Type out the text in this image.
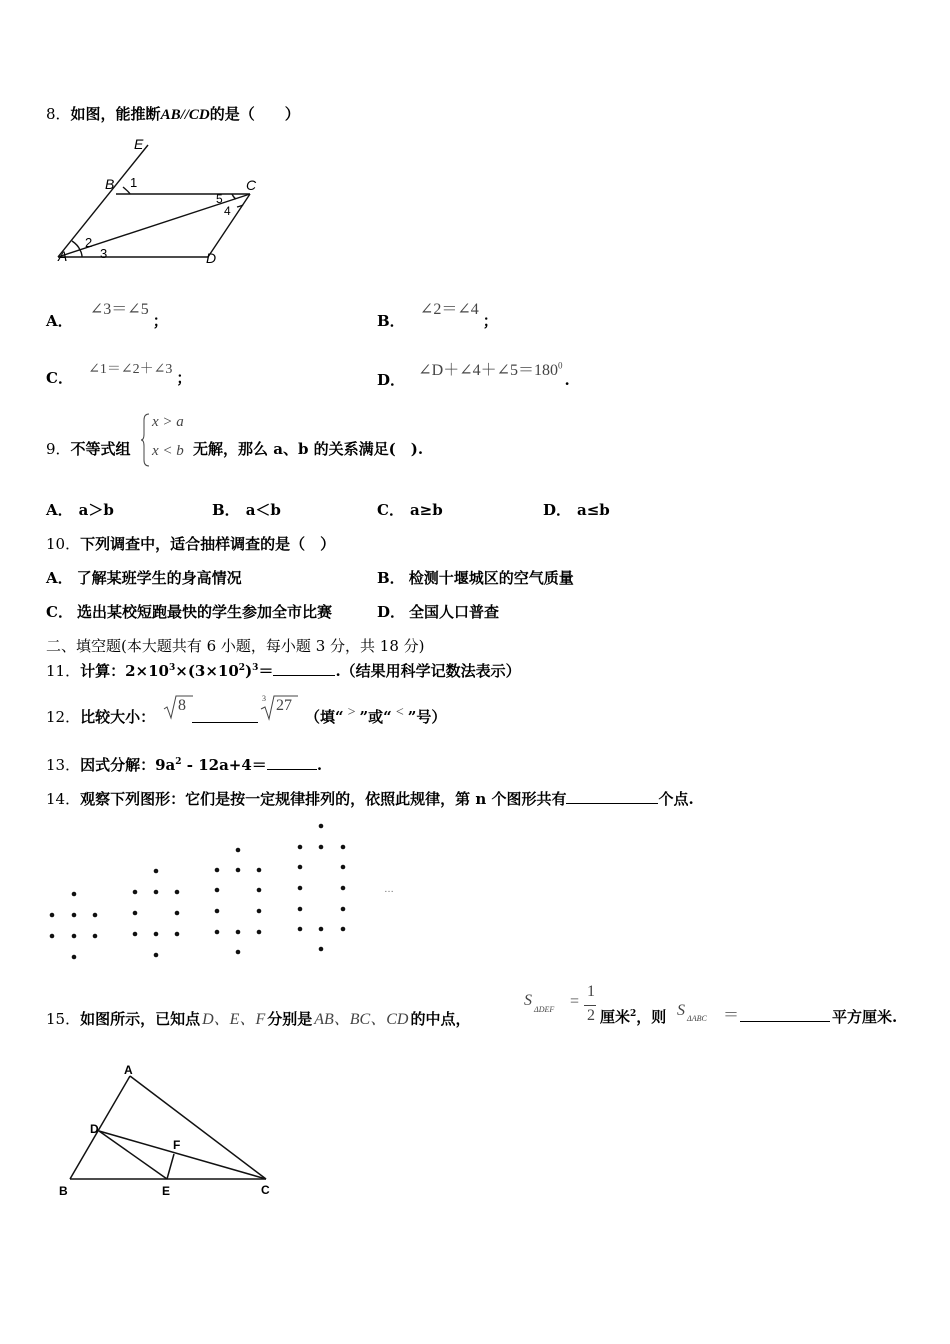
8．如图，能推断AB//CD的是（　　）
E
B 1	C
5
4
A
2
3	D
A． ∠3＝∠5；	B． ∠2＝∠4；
C． ∠1＝∠2＋∠3 ；	D． $\angle D+\angle 4+\angle 5=180^0$.
9．不等式组
x > a
x < b 无解，那么 a、b 的关系满足(　).
A． a＞b	B． a＜b	C． a≥b	D． a≤b
10．下列调查中，适合抽样调查的是（　）
A． 了解某班学生的身高情况	B． 检测十堰城区的空气质量
C． 选出某校短跑最快的学生参加全市比赛	D． 全国人口普查
二、填空题(本大题共有 6 小题，每小题 3 分，共 18 分)
11．计算：$2\times 10^3\times(3\times 10^2)^3=$	.（结果用科学记数法表示）
12．比较大小：
8	3 27
（填“ > ”或“ < ”号）
13．因式分解：$9a^2 - 12a+4=$	.
14．观察下列图形：它们是按一定规律排列的，依照此规律，第 n 个图形共有	个点.
…
15．如图所示，已知点 D、E、F 分别是 AB、BC、CD 的中点，
S
ΔDEF =
1
2 厘米$^2$，则 S ΔABC ＝	平方厘米.
A
D
F
B	E	C
